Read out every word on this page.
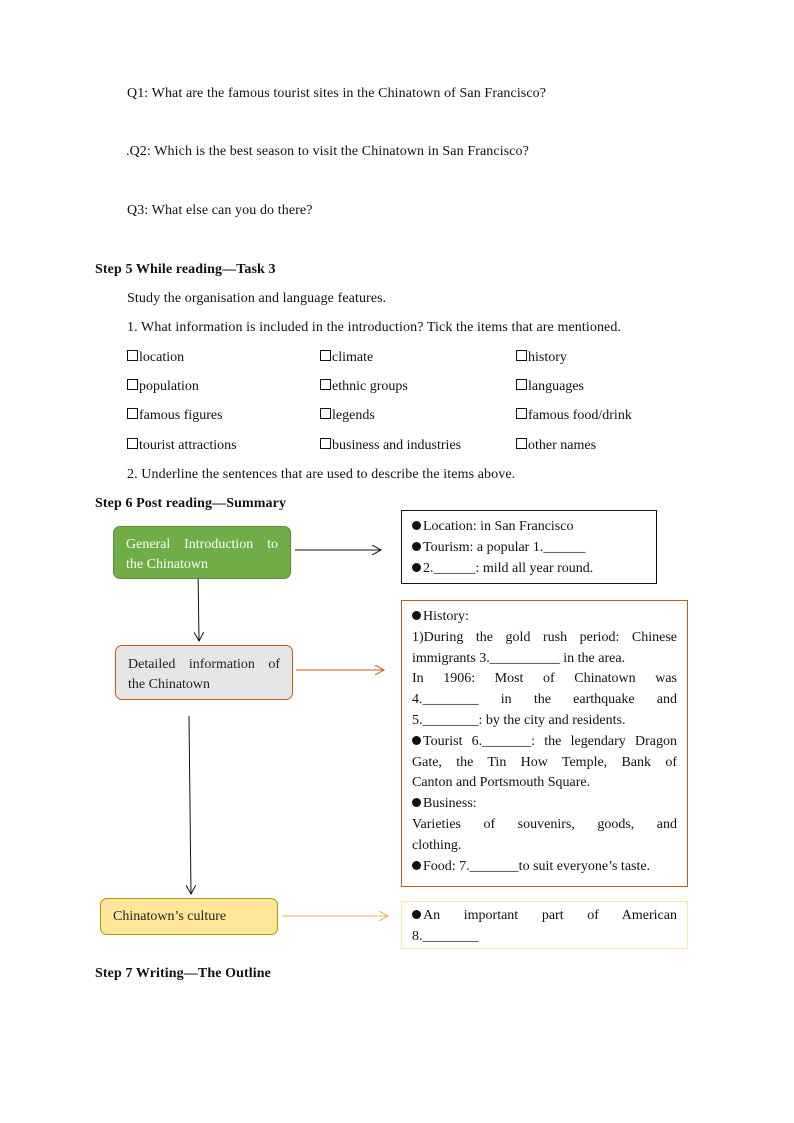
Q1: What are the famous tourist sites in the Chinatown of San Francisco?
.Q2: Which is the best season to visit the Chinatown in San Francisco?
Q3: What else can you do there?
Step 5 While reading—Task 3
Study the organisation and language features.
1. What information is included in the introduction? Tick the items that are mentioned.
location	climate	history
population	ethnic groups	languages
famous figures	legends	famous food/drink
tourist attractions	business and industries	other names
2. Underline the sentences that are used to describe the items above.
Step 6 Post reading—Summary
General Introduction to
the Chinatown
Location: in San Francisco
Tourism: a popular 1.______
2.______: mild all year round.
Detailed information of
the Chinatown
History:
1)During the gold rush period: Chinese
immigrants 3.__________ in the area.
In 1906: Most of Chinatown was
4.________ in the earthquake and
5.________: by the city and residents.
Tourist 6._______: the legendary Dragon
Gate, the Tin How Temple, Bank of
Canton and Portsmouth Square.
Business:
Varieties of souvenirs, goods, and
clothing.
Food: 7._______to suit everyone’s taste.
Chinatown’s culture	An important part of American
8.________
Step 7 Writing—The Outline
